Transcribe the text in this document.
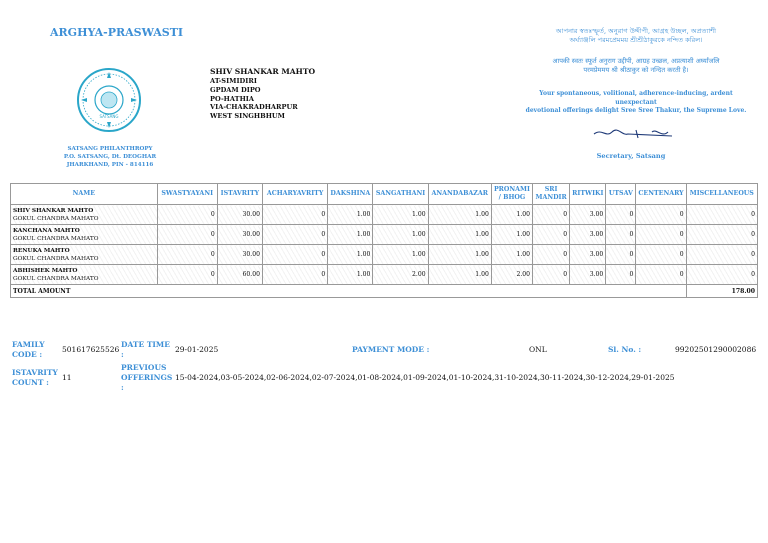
ARGHYA-PRASWASTI
SATSANG
SATSANG PHILANTHROPY
P.O. SATSANG, Dt. DEOGHAR
JHARKHAND, PIN - 814116
SHIV SHANKAR MAHTO
AT-SIMIDIRI
GPDAM DIPO
PO-HATHIA
VIA-CHAKRADHARPUR
WEST SINGHBHUM
আপনার স্বতঃস্ফূর্ত, অনুরাগ উদ্দীপী, আগ্রহ উচ্ছল, অপ্রত্যাশী
অর্ঘ্যাঞ্জলি পরমপ্রেমময় শ্রীশ্রীঠাকুরকে নন্দিত করিল।
आपकी स्वतः स्फूर्त अनुराग उद्दीपी, आग्रह उच्छल, अप्रत्याशी अर्घ्यांजलि
परमप्रेममय श्री श्रीठाकुर को नन्दित करती है।
Your spontaneous, volitional, adherence-inducing, ardent unexpectant
devotional offerings delight Sree Sree Thakur, the Supreme Love.
Secretary, Satsang
NAME	SWASTYAYANI	ISTAVRITY	ACHARYAVRITY	DAKSHINA	SANGATHANI	ANANDABAZAR	PRONAMI / BHOG	SRI MANDIR	RITWIKI	UTSAV	CENTENARY	MISCELLANEOUS

SHIV SHANKAR MAHTO
GOKUL CHANDRA MAHATO	0	30.00	0	1.00	1.00	1.00	1.00	0	3.00	0	0	0

KANCHANA MAHTO
GOKUL CHANDRA MAHATO	0	30.00	0	1.00	1.00	1.00	1.00	0	3.00	0	0	0

RENUKA MAHTO
GOKUL CHANDRA MAHATO	0	30.00	0	1.00	1.00	1.00	1.00	0	3.00	0	0	0

ABHISHEK MAHTO
GOKUL CHANDRA MAHATO	0	60.00	0	1.00	2.00	1.00	2.00	0	3.00	0	0	0
TOTAL AMOUNT												178.00
FAMILY CODE :
501617625526
DATE TIME :
29-01-2025	PAYMENT MODE :	ONL	Sl. No. :	99202501290002086
ISTAVRITY COUNT :
11
PREVIOUS OFFERINGS :
15-04-2024,03-05-2024,02-06-2024,02-07-2024,01-08-2024,01-09-2024,01-10-2024,31-10-2024,30-11-2024,30-12-2024,29-01-2025
